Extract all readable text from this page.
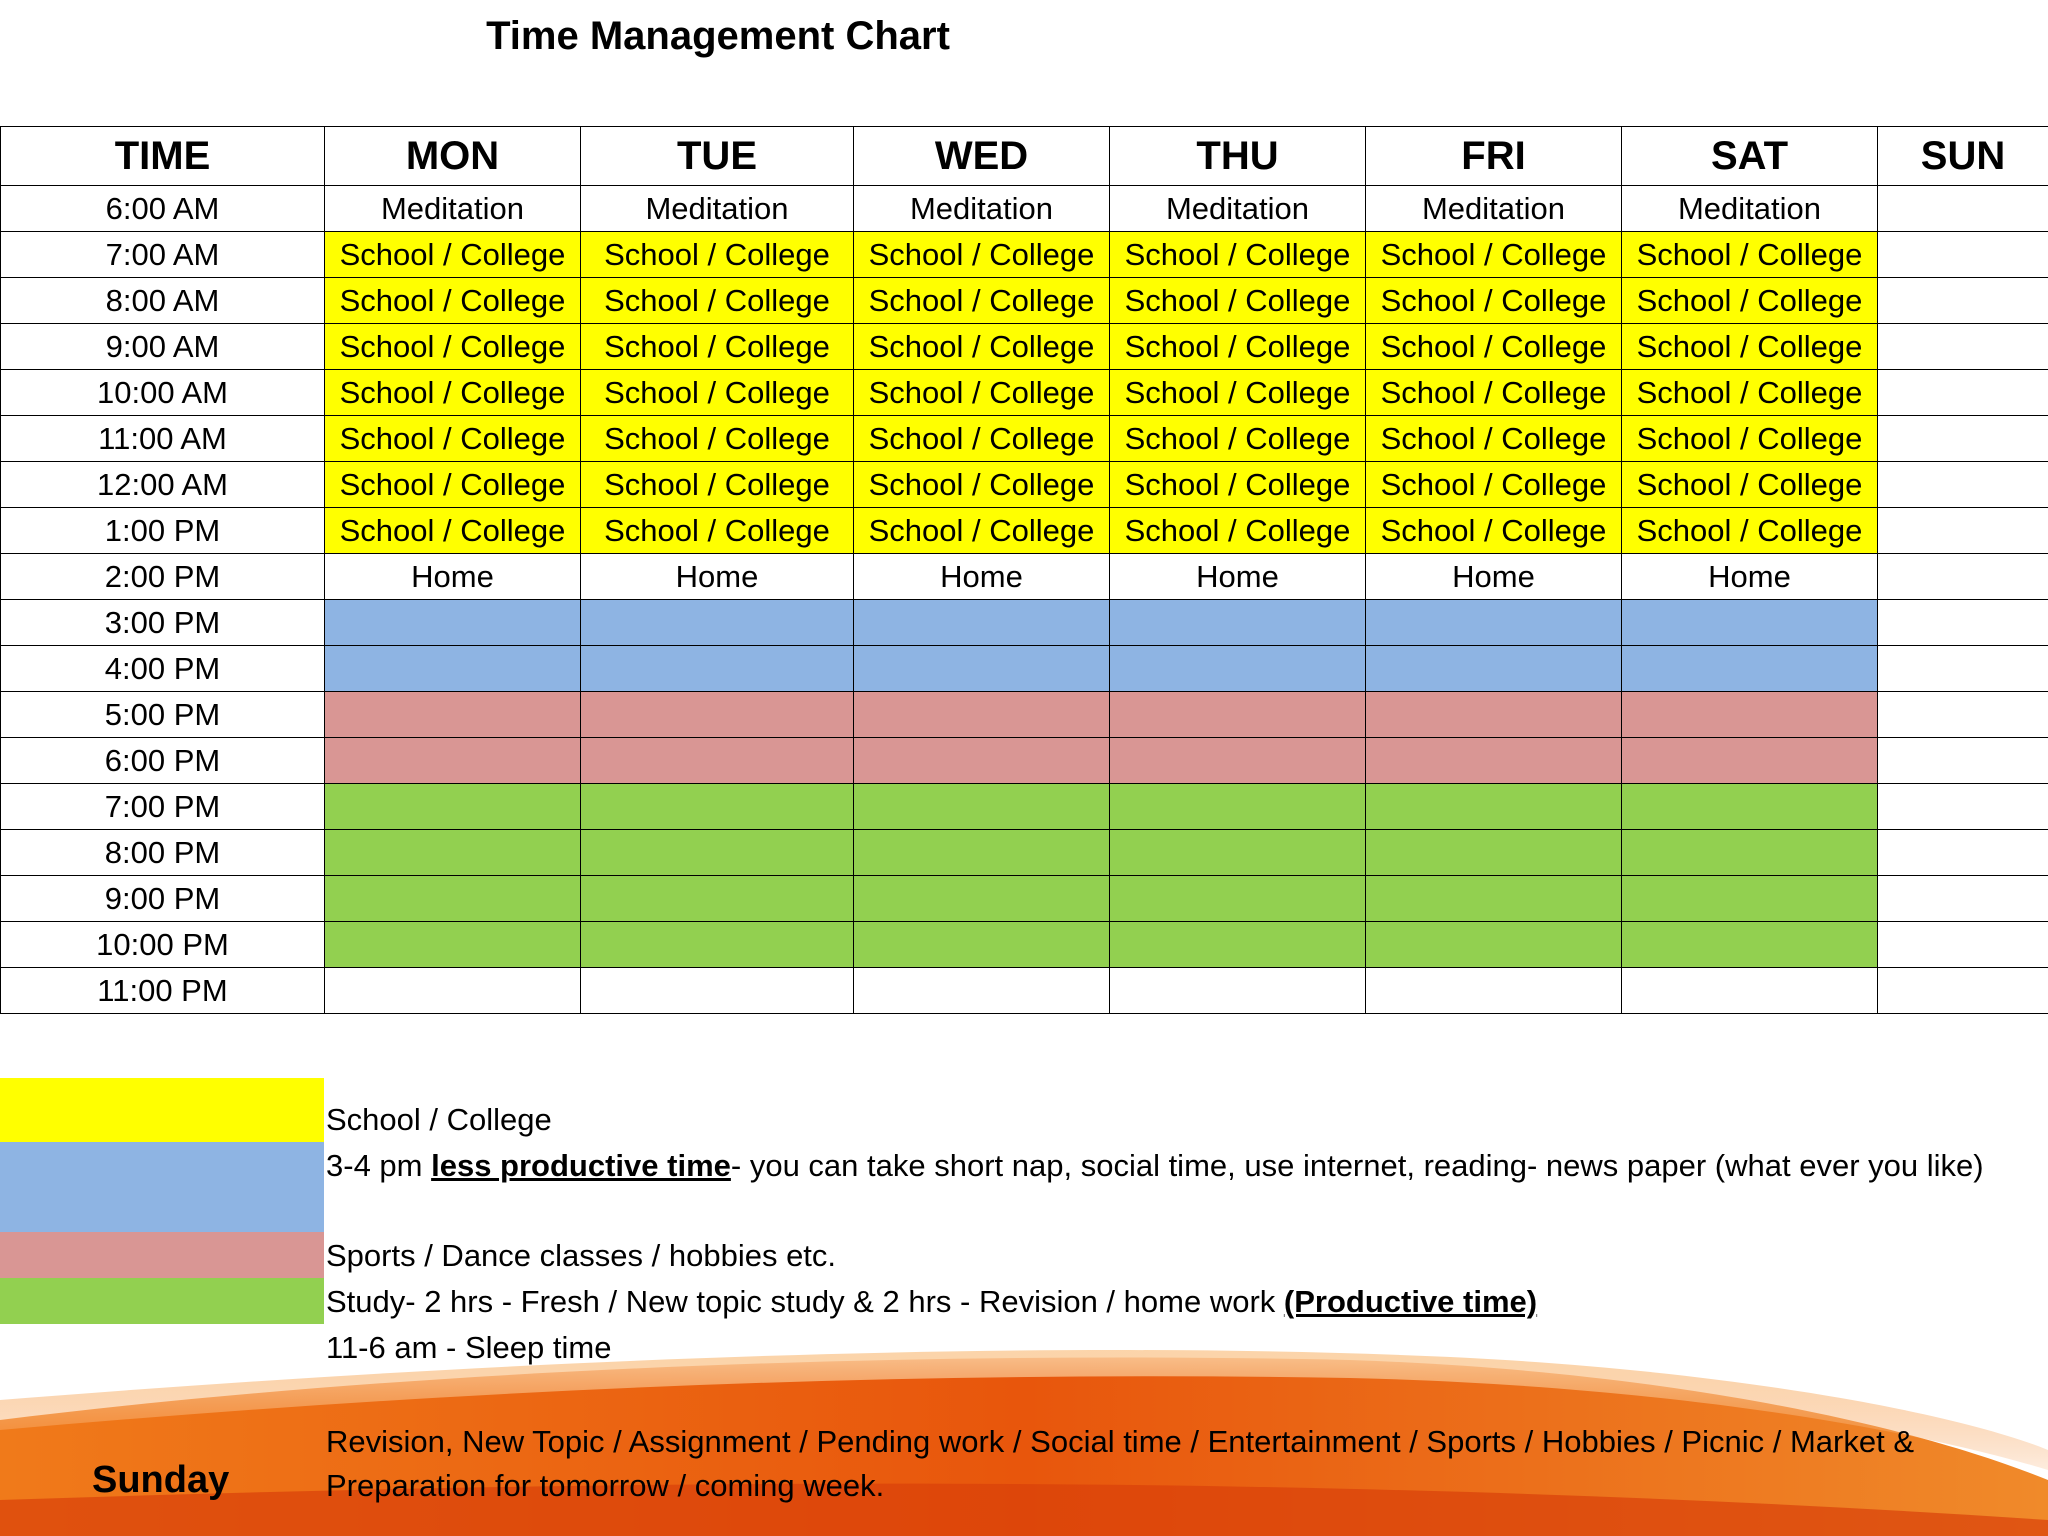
Time Management Chart
TIME	MON	TUE	WED	THU	FRI	SAT	SUN
6:00 AM	Meditation	Meditation	Meditation	Meditation	Meditation	Meditation	
7:00 AM	School / College	School / College	School / College	School / College	School / College	School / College	
8:00 AM	School / College	School / College	School / College	School / College	School / College	School / College	
9:00 AM	School / College	School / College	School / College	School / College	School / College	School / College	
10:00 AM	School / College	School / College	School / College	School / College	School / College	School / College	
11:00 AM	School / College	School / College	School / College	School / College	School / College	School / College	
12:00 AM	School / College	School / College	School / College	School / College	School / College	School / College	
1:00 PM	School / College	School / College	School / College	School / College	School / College	School / College	
2:00 PM	Home	Home	Home	Home	Home	Home	
3:00 PM							
4:00 PM							
5:00 PM							
6:00 PM							
7:00 PM							
8:00 PM							
9:00 PM							
10:00 PM							
11:00 PM							
School / College
3-4 pm less productive time- you can take short nap, social time, use internet, reading- news paper (what ever you like)
Sports / Dance classes / hobbies etc.
Study- 2 hrs - Fresh / New topic study & 2 hrs - Revision / home work (Productive time)
11-6 am - Sleep time
Sunday
Revision, New Topic / Assignment / Pending work / Social time / Entertainment / Sports / Hobbies / Picnic / Market & Preparation for tomorrow / coming week.
